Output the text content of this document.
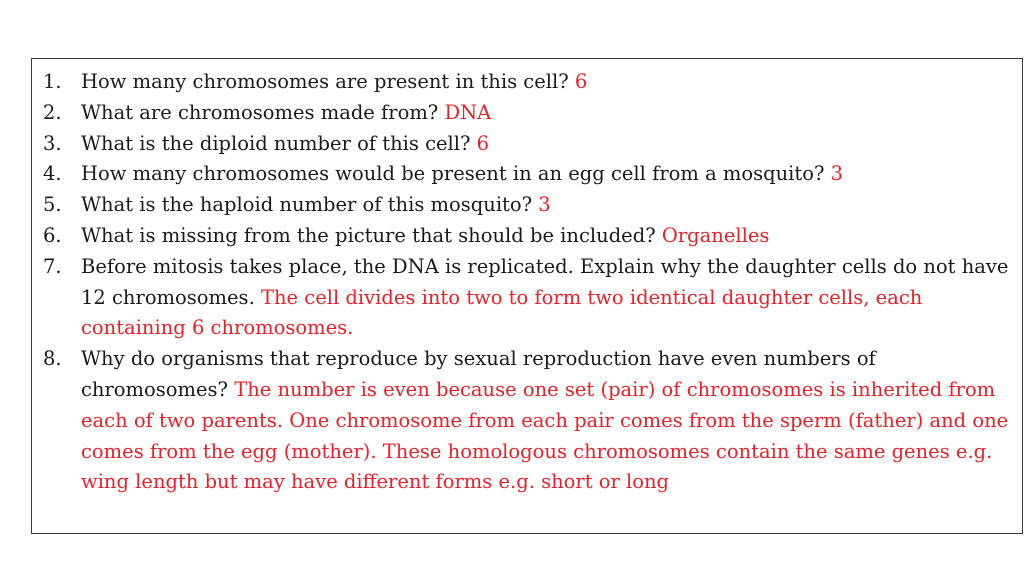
1. How many chromosomes are present in this cell? 6
2. What are chromosomes made from? DNA
3. What is the diploid number of this cell? 6
4. How many chromosomes would be present in an egg cell from a mosquito? 3
5. What is the haploid number of this mosquito? 3
6. What is missing from the picture that should be included? Organelles
7. Before mitosis takes place, the DNA is replicated. Explain why the daughter cells do not have 12 chromosomes. The cell divides into two to form two identical daughter cells, each containing 6 chromosomes.
8. Why do organisms that reproduce by sexual reproduction have even numbers of chromosomes? The number is even because one set (pair) of chromosomes is inherited from each of two parents. One chromosome from each pair comes from the sperm (father) and one comes from the egg (mother). These homologous chromosomes contain the same genes e.g. wing length but may have different forms e.g. short or long
